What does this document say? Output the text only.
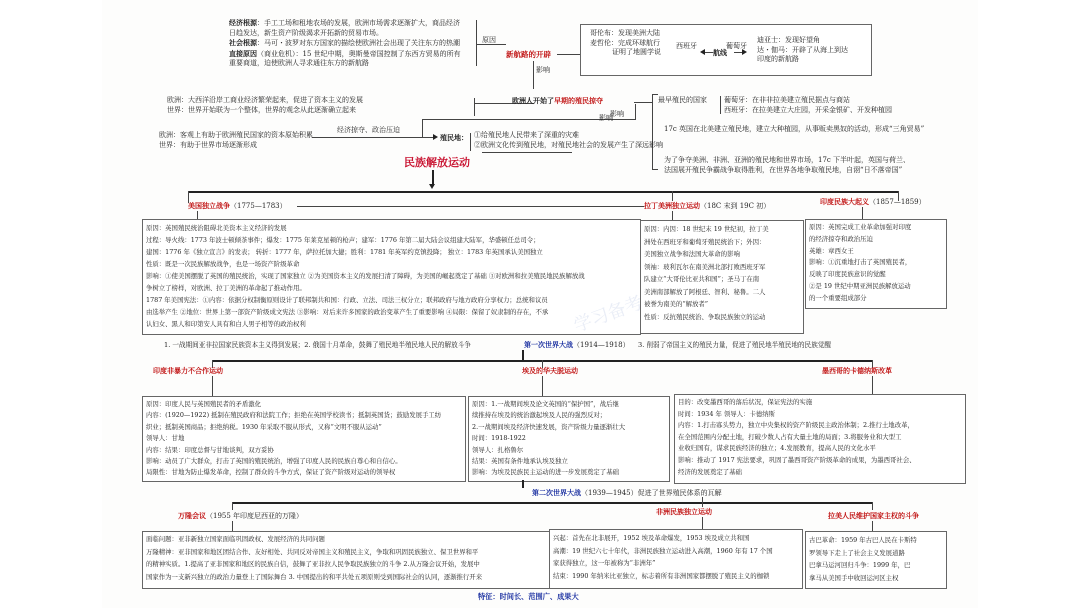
经济根源：手工工场和租地农场的发展，欧洲市场需求逐渐扩大，商品经济
日趋发达，新生资产阶级渴求开拓新的贸易市场。
社会根源：马可・波罗对东方国家的描绘使欧洲社会出现了关注东方的热潮
直接原因（商业危机）：15 世纪中期，奥斯曼帝国控制了东西方贸易的所有
重要商道，迫使欧洲人寻求通往东方的新航路
原因
新航路的开辟
影响
哥伦布：发现美洲大陆
麦哲伦：完成环球航行
证明了地圆学说
西班牙
航线
葡萄牙
迪亚士：发现好望角
达・伽马：开辟了从海上到达
印度的新航路
欧洲：大西洋沿岸工商业经济繁荣起来，促进了资本主义的发展
世界：世界开始联为一个整体，世界的观念从此逐渐确立起来
欧洲人开始了早期的殖民掠夺
影响
最早殖民的国家 葡萄牙：在非非拉美建立殖民据点与商站
西班牙：在拉美建立大庄园，开采金银矿、开发种植园
17c 英国在北美建立殖民地，建立大种植园，从事贩卖黑奴的活动，形成“三角贸易”
为了争夺美洲、非洲、亚洲的殖民地和世界市场，17c 下半叶起，英国与荷兰、
法国展开殖民争霸战争取得胜利，在世界各地争取殖民地，自诩“日不落帝国”
欧洲：客观上有助于欧洲殖民国家的资本原始积累
世界：有助于世界市场逐渐形成
经济掠夺、政治压迫
殖民地： ①给殖民地人民带来了深重的灾难
②欧洲文化传到殖民地，对殖民地社会的发展产生了深远影响
影响
民族解放运动
美国独立战争（1775—1783）
原因：英国殖民统治阻碍北美资本主义经济的发展
过程：导火线：1773 年波士顿倾茶事件；爆发：1775 年莱克星顿的枪声；建军：1776 年第二届大陆会议组建大陆军，华盛顿任总司令；
建国：1776 年《独立宣言》的发表； 转折：1777 年，萨拉托加大捷；胜利：1781 年英军约克镇投降； 独立：1783 年英国承认美国独立
性质：既是一次民族解放战争，也是一场资产阶级革命
影响：①使美国摆脱了英国的殖民统治，实现了国家独立 ②为美国资本主义的发展扫清了障碍，为美国的崛起奠定了基础 ③对欧洲和拉美殖民地民族解放战
争树立了榜样，对欧洲、拉丁美洲的革命起了推动作用。
1787 年美国宪法：①内容：依据分权制衡原则设计了联邦制共和国：行政、立法、司法三权分立；联邦政府与地方政府分享权力；总统和议员
由选举产生 ②地位：世界上第一部资产阶级成文宪法 ③影响：对后来许多国家的政治变革产生了重要影响 ④局限：保留了奴隶制的存在，不承
认妇女、黑人和印第安人具有和白人男子相等的政治权利
拉丁美洲独立运动（18C 末到 19C 初）
原因：内因：18 世纪末 19 世纪初，拉丁美
洲处在西班牙和葡萄牙殖民统治下；外因：
美国独立战争和法国大革命的影响
领袖：玻利瓦尔在南美洲北部打败西班牙军
队建立“大哥伦比亚共和国”；圣马丁在南
美洲南部解放了阿根廷、智利、秘鲁。二人
被誉为南美的“解放者”
性质：反抗殖民统治、争取民族独立的运动
印度民族大起义（1857—1859）
原因：英国完成工业革命加强对印度
的经济掠夺和政治压迫
英雄：章西女王
影响：①沉重地打击了英国殖民者，
反映了印度民族意识的觉醒
②是 19 世纪中期亚洲民族解放运动
的一个重要组成部分
1. 一战期间亚非拉国家民族资本主义得到发展；2. 俄国十月革命，鼓舞了殖民地半殖民地人民的解放斗争	第一次世界大战（1914—1918） 3. 削弱了帝国主义的殖民力量，促进了殖民地半殖民地的民族觉醒
印度非暴力不合作运动
原因：印度人民与英国殖民者的矛盾激化
内容：(1920—1922) 抵制在殖民政府和法院工作；拒绝在英国学校读书；抵制英国货；鼓励发展手工纺
织业；抵制英国商品；拒绝纳税。1930 年采取不服从形式，又称“文明不服从运动”
领导人：甘地
内容：结果：印度总督与甘地谈判，双方妥协
影响：动员了广大群众，打击了英国的殖民统治，增强了印度人民的民族自尊心和自信心。
局限性：甘地为防止爆发革命，控制了群众的斗争方式，保证了资产阶级对运动的领导权
埃及的华夫脱运动
原因：1.一战期间埃及论文英国的“保护国”，战后继
续推持在埃及的统治激起埃及人民的强烈反对；
2.一战期间埃及经济快速发展，资产阶级力量逐渐壮大
时间：1918-1922
领导人：扎格鲁尔
结果：英国有条件地承认埃及独立
影响：为埃及民族民主运动的进一步发展奠定了基础
墨西哥的卡德纳斯改革
目的：改变墨西哥的落后状况，保证宪法的实施
时间：1934 年 领导人：卡德纳斯
内容：1.打击寡头势力，独立中央集权的资产阶级民主政治体制；2.推行土地改革，
在全国范围内分配土地，打破少数人占有大量土地的局面；3.将服务业和大型工
业收归国有，谋求民族经济的独立；4.发展教育，提高人民的文化水平
影响：推动了 1917 宪法要求，巩固了墨西哥资产阶级革命的成果，为墨西哥社会、
经济的发展奠定了基础
第二次世界大战（1939—1945）促进了世界殖民体系的瓦解
万隆会议（1955 年印度尼西亚的万隆）
面临问题：亚非新独立国家面临巩固政权、发展经济的共同问题
万隆精神：亚非国家和地区团结合作、友好相处、共同反对帝国主义和殖民主义，争取和巩固民族独立、保卫世界和平
的精神实质。1.提高了亚非国家和地区的民族自信，鼓舞了亚非拉人民争取民族独立的斗争 2.从万隆会议开始，发展中
国家作为一支新兴独立的政治力量登上了国际舞台 3. 中国提出的和平共处五项原则受到国际社会的认同，逐渐推行开来
非洲民族独立运动
兴起：首先在北非展开，1952 埃及革命爆发，1953 埃及成立共和国
高潮：19 世纪六七十年代，非洲民族独立运动进入高潮，1960 年有 17 个国
家获得独立，这一年被称为“非洲年”
结束：1990 年纳米比亚独立，标志着所有非洲国家都摆脱了殖民主义的枷锁
拉美人民维护国家主权的斗争
古巴革命：1959 年古巴人民在卡斯特
罗领导下走上了社会主义发展道路
巴拿马运河回归斗争：1999 年，巴
拿马从美国手中收回运河区主权
特征：时间长、范围广、成果大
学习备考
